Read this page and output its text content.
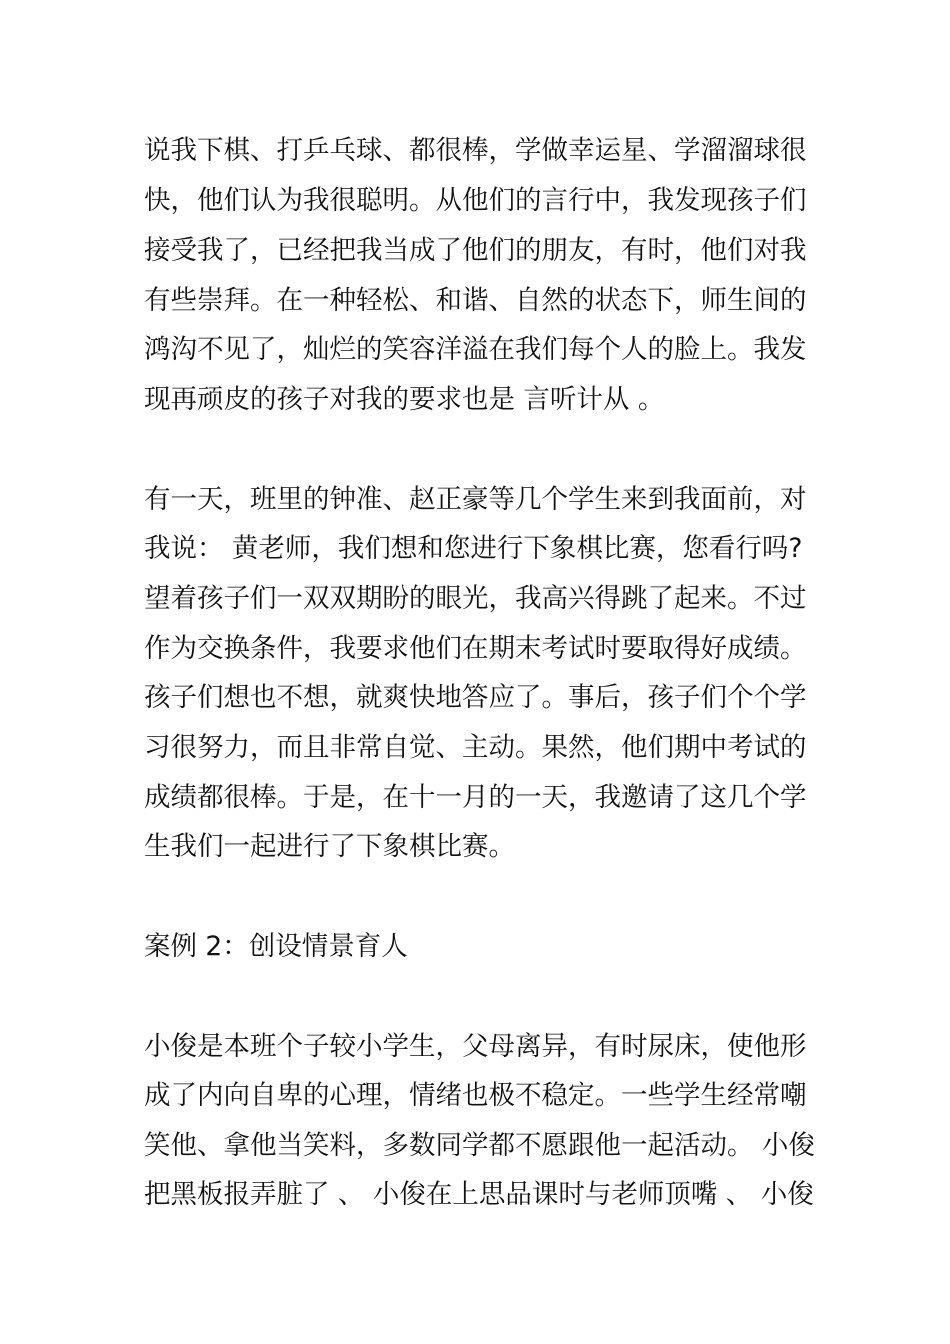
说我下棋、打乒乓球、都很棒，学做幸运星、学溜溜球很
快，他们认为我很聪明。从他们的言行中，我发现孩子们
接受我了，已经把我当成了他们的朋友，有时，他们对我
有些崇拜。在一种轻松、和谐、自然的状态下，师生间的
鸿沟不见了，灿烂的笑容洋溢在我们每个人的脸上。我发
现再顽皮的孩子对我的要求也是 言听计从 。
有一天，班里的钟准、赵正豪等几个学生来到我面前，对
我说： 黄老师，我们想和您进行下象棋比赛，您看行吗?
望着孩子们一双双期盼的眼光，我高兴得跳了起来。不过
作为交换条件，我要求他们在期末考试时要取得好成绩。
孩子们想也不想，就爽快地答应了。事后，孩子们个个学
习很努力，而且非常自觉、主动。果然，他们期中考试的
成绩都很棒。于是，在十一月的一天，我邀请了这几个学
生我们一起进行了下象棋比赛。
案例 2：创设情景育人
小俊是本班个子较小学生，父母离异，有时尿床，使他形
成了内向自卑的心理，情绪也极不稳定。一些学生经常嘲
笑他、拿他当笑料，多数同学都不愿跟他一起活动。 小俊
把黑板报弄脏了 、 小俊在上思品课时与老师顶嘴 、 小俊
